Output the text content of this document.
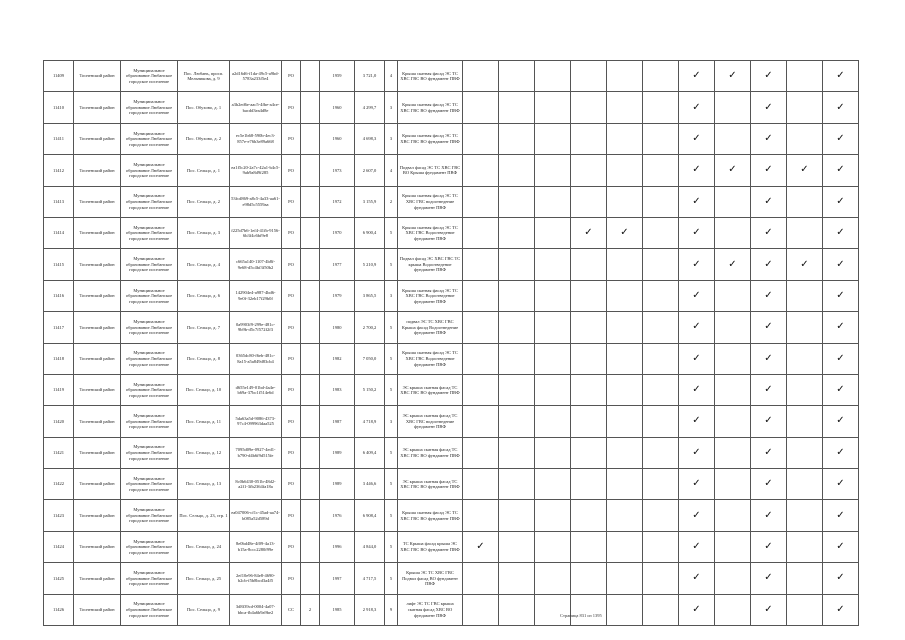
11409	Тосненский район	Муниципальное образование Любанское городское поселение	Пос. Любань, просп. Мельникова, д. 9	a2d16d6-f1da-49c5-a9bd-5783a233f5e4	РО		1959	3 721,0	4	Крыша скатная фасад ЭС ТС ХВС ГВС ВО фундамент ПВФ							✓	✓	✓		✓
11410	Тосненский район	Муниципальное образование Любанское городское поселение	Пос. Обухово, д. 1	a3b2ed6e-aac5-4fbe-a4ce-bacdd3ea4d8e	РО		1960	4 299,7	3	Крыша скатная фасад ЭС ТС ХВС ГВС ВО фундамент ПВФ							✓		✓		✓
11411	Тосненский район	Муниципальное образование Любанское городское поселение	Пос. Обухово, д. 2	ec5e1b68-590b-4ec3-857e-e76b3e89a668	РО		1960	4 698,3	3	Крыша скатная фасад ЭС ТС ХВС ГВС ВО фундамент ПВФ							✓		✓		✓
11412	Тосненский район	Муниципальное образование Любанское городское поселение	Пос. Сельцо, д. 1	ea1f5c20-2a7c-42a1-b4c5-9ab9a8d9f285	РО		1973	2 607,0	4	Подвал фасад ЭС ТС ХВС ГВС ВО Крыша фундамент ПВФ							✓	✓	✓	✓	✓
11413	Тосненский район	Муниципальное образование Любанское городское поселение	Пос. Сельцо, д. 2	53fcd869-a8c5-4a33-aa61-e98d5c5559aa	РО		1972	3 155,9	2	Крыша скатная фасад ЭС ТС ХВС ГВС водоотведение фундамент ПВФ							✓		✓		✓
11414	Тосненский район	Муниципальное образование Любанское городское поселение	Пос. Сельцо, д. 3	f225d7b6-1ef4-41fb-9156-6b3f4c6bf9e8	РО		1970	6 900,4	5	Крыша скатная фасад ЭС ТС ХВС ГВС Водоотведение фундамент ПВФ				✓	✓		✓		✓		✓
11415	Тосненский район	Муниципальное образование Любанское городское поселение	Пос. Сельцо, д. 4	c665a140-1107-4b8f-9e68-d5c4bf3f50b2	РО		1977	5 210,9	5	Подвал фасад ЭС ХВС ГВС ТС крыша Водоотведение фундамент ПВФ							✓	✓	✓	✓	✓
11416	Тосненский район	Муниципальное образование Любанское городское поселение	Пос. Сельцо, д. 6	142904e4-a987-4bd6-9e0f-32eb17f29b0f	РО		1979	3 865,5	3	Крыша скатная фасад ЭС ТС ХВС ГВС Водоотведение фундамент ПВФ							✓		✓		✓
11417	Тосненский район	Муниципальное образование Любанское городское поселение	Пос. Сельцо, д. 7	0a9903f9-299e-481c-9b9b-d5c7f572f2f3	РО		1980	2 700,2	5	подвал ЭС ТС ХВС ГВС Крыша фасад Водоотведение фундамент ПВФ							✓		✓		✓
11418	Тосненский район	Муниципальное образование Любанское городское поселение	Пос. Сельцо, д. 8	0365dc80-f6eb-481c-8a15-a5a849d83cb4	РО		1982	7 050,0	5	Крыша скатная фасад ЭС ТС ХВС ГВС Водоотведение фундамент ПВФ							✓		✓		✓
11419	Тосненский район	Муниципальное образование Любанское городское поселение	Пос. Сельцо, д. 10	d655e149-01bd-4a4e-b69a-37bc1f514e6d	РО		1983	5 150,2	5	ЭС крыша скатная фасад ТС ХВС ГВС ВО фундамент ПВФ							✓		✓		✓
11420	Тосненский район	Муниципальное образование Любанское городское поселение	Пос. Сельцо, д. 11	5da63a5d-9086-4373-97c4-099963daa525	РО		1987	4 718,9	3	ЭС крыша скатная фасад ТС ХВС ГВС водоотведение фундамент ПВФ							✓		✓		✓
11421	Тосненский район	Муниципальное образование Любанское городское поселение	Пос. Сельцо, д. 12	7095d09e-0927-4ed1-b790-d4b6f9d515fe	РО		1989	6 409,4	5	ЭС крыша скатная фасад ТС ХВС ГВС ВО фундамент ПВФ							✓		✓		✓
11422	Тосненский район	Муниципальное образование Любанское городское поселение	Пос. Сельцо, д. 13	8c0b6430-051b-48d2-a2f1-3fb2364fa18a	РО		1989	3 446,6	5	ЭС крыша скатная фасад ТС ХВС ГВС ВО фундамент ПВФ							✓		✓		✓
11423	Тосненский район	Муниципальное образование Любанское городское поселение	Пос. Сельцо, д. 23, стр. 1	ea047006-cf1c-45ad-aa74-b085a52d589d	РО		1976	6 908,4	5	Крыша скатная фасад ЭС ТС ХВС ГВС ВО фундамент ПВФ							✓		✓		✓
11424	Тосненский район	Муниципальное образование Любанское городское поселение	Пос. Сельцо, д. 24	8e0bd48e-4f09-4a13-b15a-8ccc2280f99e	РО		1996	4 844,0	5	ТС Крыша фасад крыша ЭС ХВС ГВС ВО фундамент ПВФ	✓						✓		✓		✓
11425	Тосненский район	Муниципальное образование Любанское городское поселение	Пос. Сельцо, д. 25	2ef10e96-84e8-4690-b2cb-f5b8bcd3a4f5	РО		1997	4 717,5	5	Крыша ЭС ТС ХВС ГВС Подвал фасад ВО фундамент ПВФ							✓		✓		✓
11426	Тосненский район	Муниципальное образование Любанское городское поселение	Пос. Сельцо, д. 9	3d8f39cd-0004-4a07-bbca-fb4a6b9a9be2	СС	2	1985	2 918,3	9	лифт ЭС ТС ГВС крыша скатная фасад ХВС ВО фундамент ПВФ							✓		✓		✓
Страница 831 из 1395
